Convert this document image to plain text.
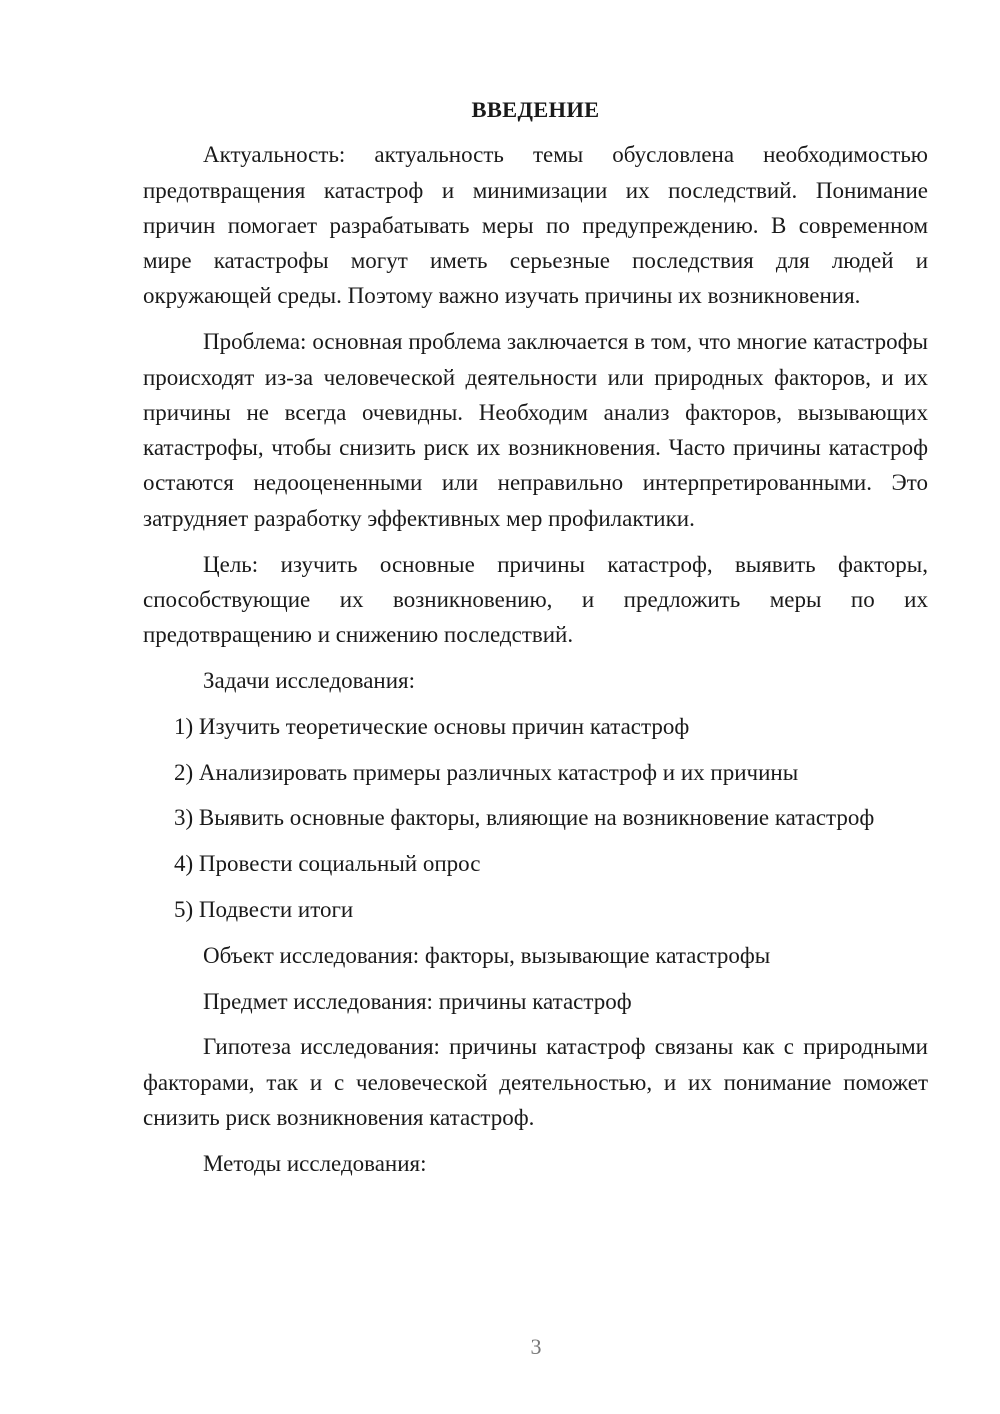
ВВЕДЕНИЕ

Актуальность: актуальность темы обусловлена необходимостью предотвращения катастроф и минимизации их последствий. Понимание причин помогает разрабатывать меры по предупреждению. В современном мире катастрофы могут иметь серьезные последствия для людей и окружающей среды. Поэтому важно изучать причины их возникновения.

Проблема: основная проблема заключается в том, что многие катастрофы происходят из-за человеческой деятельности или природных факторов, и их причины не всегда очевидны. Необходим анализ факторов, вызывающих катастрофы, чтобы снизить риск их возникновения. Часто причины катастроф остаются недооцененными или неправильно интерпретированными. Это затрудняет разработку эффективных мер профилактики.

Цель: изучить основные причины катастроф, выявить факторы, способствующие их возникновению, и предложить меры по их предотвращению и снижению последствий.

Задачи исследования:

1) Изучить теоретические основы причин катастроф

2) Анализировать примеры различных катастроф и их причины

3) Выявить основные факторы, влияющие на возникновение катастроф

4) Провести социальный опрос

5) Подвести итоги

Объект исследования: факторы, вызывающие катастрофы

Предмет исследования: причины катастроф

Гипотеза исследования: причины катастроф связаны как с природными факторами, так и с человеческой деятельностью, и их понимание поможет снизить риск возникновения катастроф.

Методы исследования:

3
